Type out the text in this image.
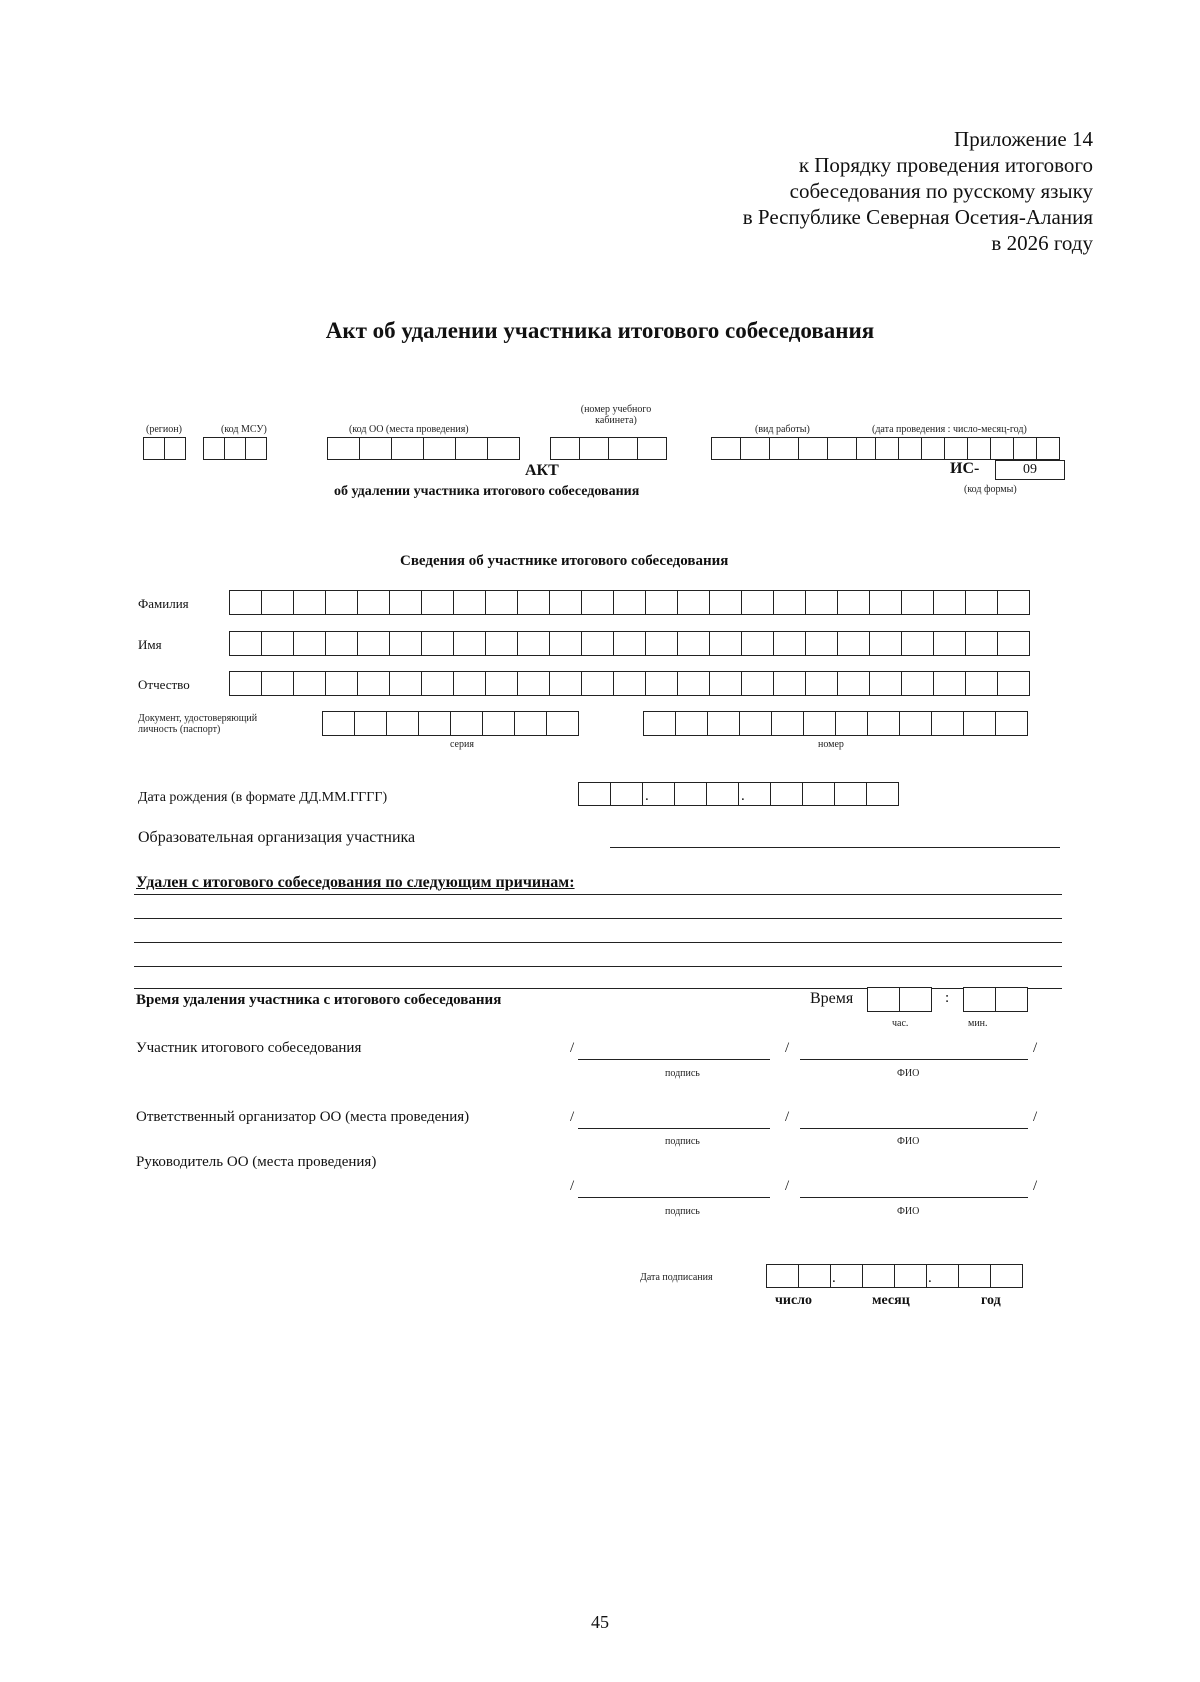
Приложение 14
к Порядку проведения итогового
собеседования по русскому языку
в Республике Северная Осетия-Алания
в 2026 году
Акт об удалении участника итогового собеседования
(регион)	(код МСУ)	(код ОО (места проведения)
(номер учебного
кабинета)
(вид работы)	(дата проведения : число-месяц-год)
АКТ
об удалении участника итогового собеседования
ИС-	09
(код формы)
Сведения об участнике итогового собеседования
Фамилия
Имя
Отчество
Документ, удостоверяющий
личность (паспорт)
серия	номер
Дата рождения (в формате ДД.ММ.ГГГГ)	.	.
Образовательная организация участника
Удален с итогового собеседования по следующим причинам:
Время удаления участника с итогового собеседования	Время	:
час.	мин.
Участник итогового собеседования	/	/	/
подпись	ФИО
Ответственный организатор ОО (места проведения)	/	/	/
подпись	ФИО
Руководитель ОО (места проведения)
/	/	/
подпись	ФИО
Дата подписания	.	.
число	месяц	год
45
